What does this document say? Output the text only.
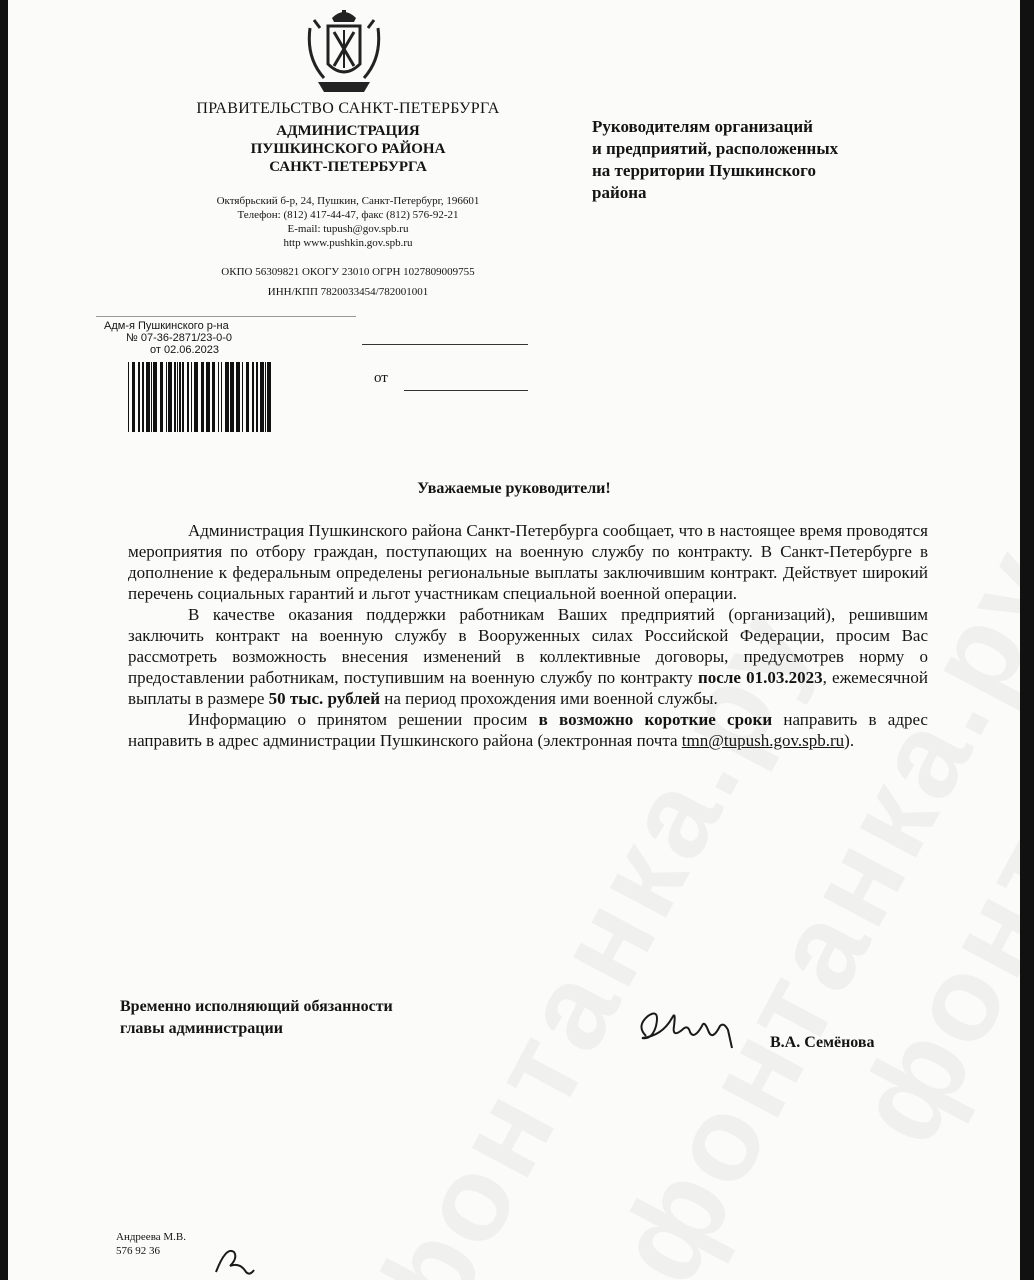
ПРАВИТЕЛЬСТВО САНКТ-ПЕТЕРБУРГА
АДМИНИСТРАЦИЯ
ПУШКИНСКОГО РАЙОНА
САНКТ-ПЕТЕРБУРГА
Октябрьский б-р, 24, Пушкин, Санкт-Петербург, 196601
Телефон: (812) 417-44-47, факс (812) 576-92-21
E-mail: tupush@gov.spb.ru
http www.pushkin.gov.spb.ru
ОКПО 56309821 ОКОГУ 23010 ОГРН 1027809009755
ИНН/КПП 7820033454/782001001
Руководителям организаций
и предприятий, расположенных
на территории Пушкинского
района
Адм-я Пушкинского р-на
№ 07-36-2871/23-0-0
от 02.06.2023
от
Уважаемые руководители!

Администрация Пушкинского района Санкт-Петербурга сообщает, что в настоящее время проводятся мероприятия по отбору граждан, поступающих на военную службу по контракту. В Санкт-Петербурге в дополнение к федеральным определены региональные выплаты заключившим контракт. Действует широкий перечень социальных гарантий и льгот участникам специальной военной операции.

В качестве оказания поддержки работникам Ваших предприятий (организаций), решившим заключить контракт на военную службу в Вооруженных силах Российской Федерации, просим Вас рассмотреть возможность внесения изменений в коллективные договоры, предусмотрев норму о предоставлении работникам, поступившим на военную службу по контракту после 01.03.2023, ежемесячной выплаты в размере 50 тыс. рублей на период прохождения ими военной службы.

Информацию о принятом решении просим в возможно короткие сроки направить в адрес направить в адрес администрации Пушкинского района (электронная почта tmn@tupush.gov.spb.ru).

Временно исполняющий обязанности
главы администрации
В.А. Семёнова
Андреева М.В.
576 92 36
